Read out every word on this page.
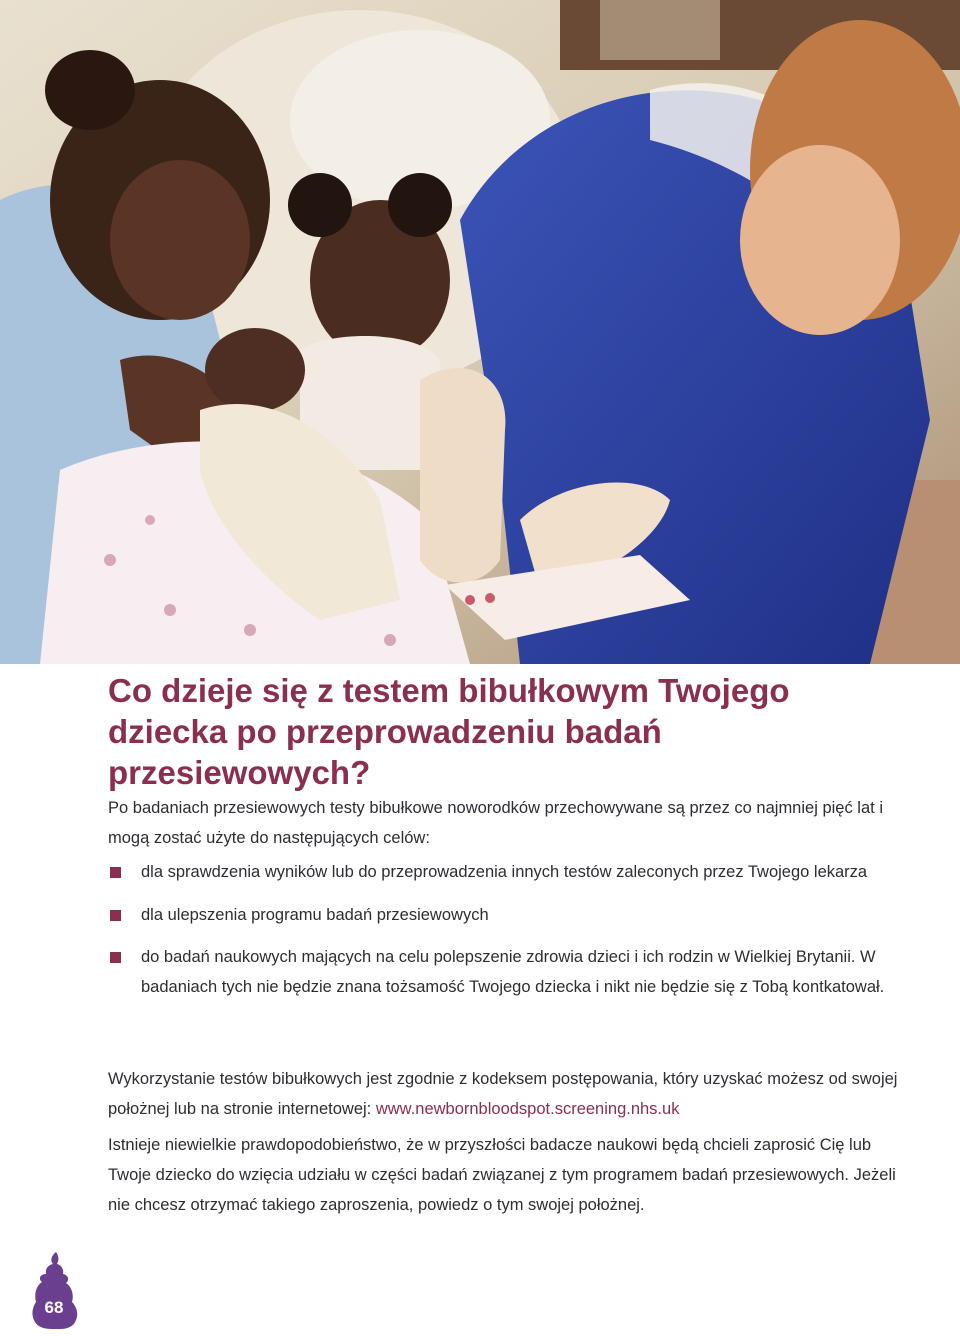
Co dzieje się z testem bibułkowym Twojego dziecka po przeprowadzeniu badań przesiewowych?
Po badaniach przesiewowych testy bibułkowe noworodków przechowywane są przez co najmniej pięć lat i mogą zostać użyte do następujących celów:
dla sprawdzenia wyników lub do przeprowadzenia innych testów zaleconych przez Twojego lekarza
dla ulepszenia programu badań przesiewowych
do badań naukowych mających na celu polepszenie zdrowia dzieci i ich rodzin w Wielkiej Brytanii. W badaniach tych nie będzie znana tożsamość Twojego dziecka i nikt nie będzie się z Tobą kontkatował.
Wykorzystanie testów bibułkowych jest zgodnie z kodeksem postępowania, który uzyskać możesz od swojej położnej lub na stronie internetowej: www.newbornbloodspot.screening.nhs.uk
Istnieje niewielkie prawdopodobieństwo, że w przyszłości badacze naukowi będą chcieli zaprosić Cię lub Twoje dziecko do wzięcia udziału w części badań związanej z tym programem badań przesiewowych. Jeżeli nie chcesz otrzymać takiego zaproszenia, powiedz o tym swojej położnej.
68
